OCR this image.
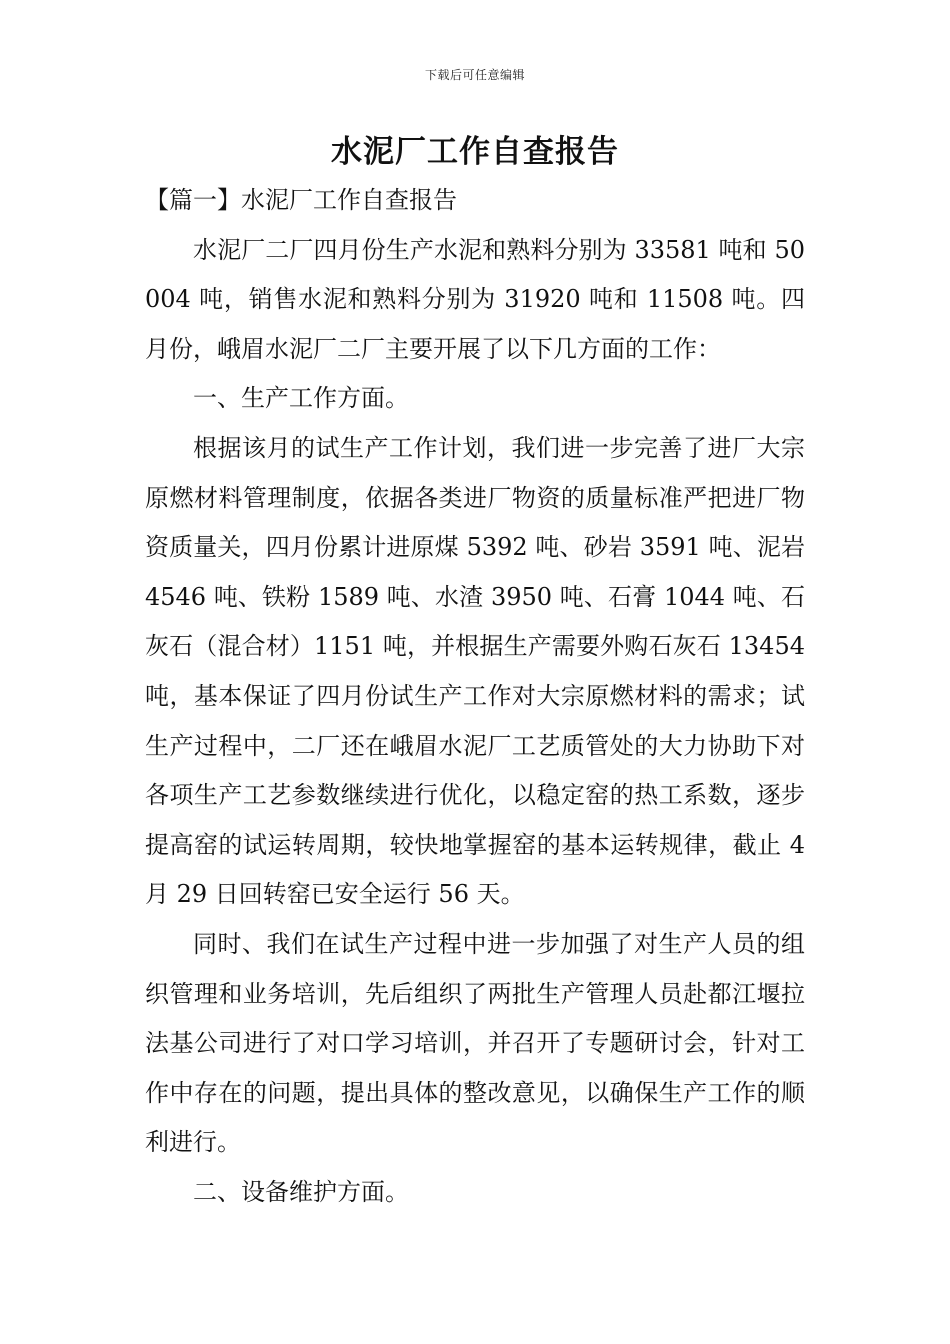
下载后可任意编辑
水泥厂工作自查报告

【篇一】水泥厂工作自查报告

水泥厂二厂四月份生产水泥和熟料分别为 33581 吨和 50004 吨，销售水泥和熟料分别为 31920 吨和 11508 吨。四月份，峨眉水泥厂二厂主要开展了以下几方面的工作：

一、生产工作方面。

根据该月的试生产工作计划，我们进一步完善了进厂大宗原燃材料管理制度，依据各类进厂物资的质量标准严把进厂物资质量关，四月份累计进原煤 5392 吨、砂岩 3591 吨、泥岩 4546 吨、铁粉 1589 吨、水渣 3950 吨、石膏 1044 吨、石灰石（混合材）1151 吨，并根据生产需要外购石灰石 13454 吨，基本保证了四月份试生产工作对大宗原燃材料的需求；试生产过程中，二厂还在峨眉水泥厂工艺质管处的大力协助下对各项生产工艺参数继续进行优化，以稳定窑的热工系数，逐步提高窑的试运转周期，较快地掌握窑的基本运转规律，截止 4 月 29 日回转窑已安全运行 56 天。

同时、我们在试生产过程中进一步加强了对生产人员的组织管理和业务培训，先后组织了两批生产管理人员赴都江堰拉法基公司进行了对口学习培训，并召开了专题研讨会，针对工作中存在的问题，提出具体的整改意见，以确保生产工作的顺利进行。

二、设备维护方面。
